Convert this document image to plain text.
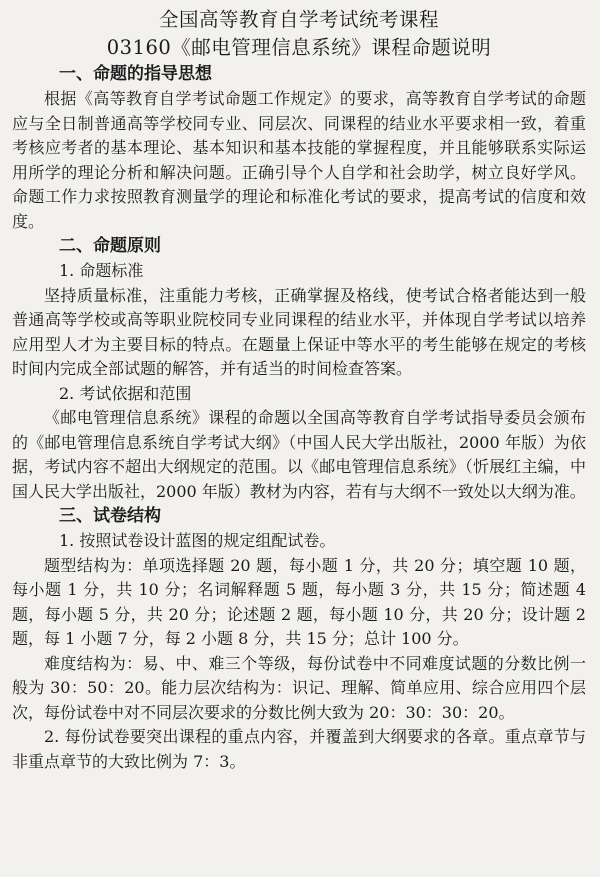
全国高等教育自学考试统考课程

03160《邮电管理信息系统》课程命题说明

一、命题的指导思想

根据《高等教育自学考试命题工作规定》的要求，高等教育自学考试的命题应与全日制普通高等学校同专业、同层次、同课程的结业水平要求相一致，着重考核应考者的基本理论、基本知识和基本技能的掌握程度，并且能够联系实际运用所学的理论分析和解决问题。正确引导个人自学和社会助学，树立良好学风。命题工作力求按照教育测量学的理论和标准化考试的要求，提高考试的信度和效度。

二、命题原则

1. 命题标准

坚持质量标准，注重能力考核，正确掌握及格线，使考试合格者能达到一般普通高等学校或高等职业院校同专业同课程的结业水平，并体现自学考试以培养应用型人才为主要目标的特点。在题量上保证中等水平的考生能够在规定的考核时间内完成全部试题的解答，并有适当的时间检查答案。

2. 考试依据和范围

《邮电管理信息系统》课程的命题以全国高等教育自学考试指导委员会颁布的《邮电管理信息系统自学考试大纲》（中国人民大学出版社，2000 年版）为依据，考试内容不超出大纲规定的范围。以《邮电管理信息系统》（忻展红主编，中国人民大学出版社，2000 年版）教材为内容，若有与大纲不一致处以大纲为准。

三、试卷结构

1. 按照试卷设计蓝图的规定组配试卷。

题型结构为：单项选择题 20 题，每小题 1 分，共 20 分；填空题 10 题，每小题 1 分，共 10 分；名词解释题 5 题，每小题 3 分，共 15 分；简述题 4 题，每小题 5 分，共 20 分；论述题 2 题，每小题 10 分，共 20 分；设计题 2 题，每 1 小题 7 分，每 2 小题 8 分，共 15 分；总计 100 分。

难度结构为：易、中、难三个等级，每份试卷中不同难度试题的分数比例一般为 30：50：20。能力层次结构为：识记、理解、简单应用、综合应用四个层次，每份试卷中对不同层次要求的分数比例大致为 20：30：30：20。

2. 每份试卷要突出课程的重点内容，并覆盖到大纲要求的各章。重点章节与非重点章节的大致比例为 7：3。
